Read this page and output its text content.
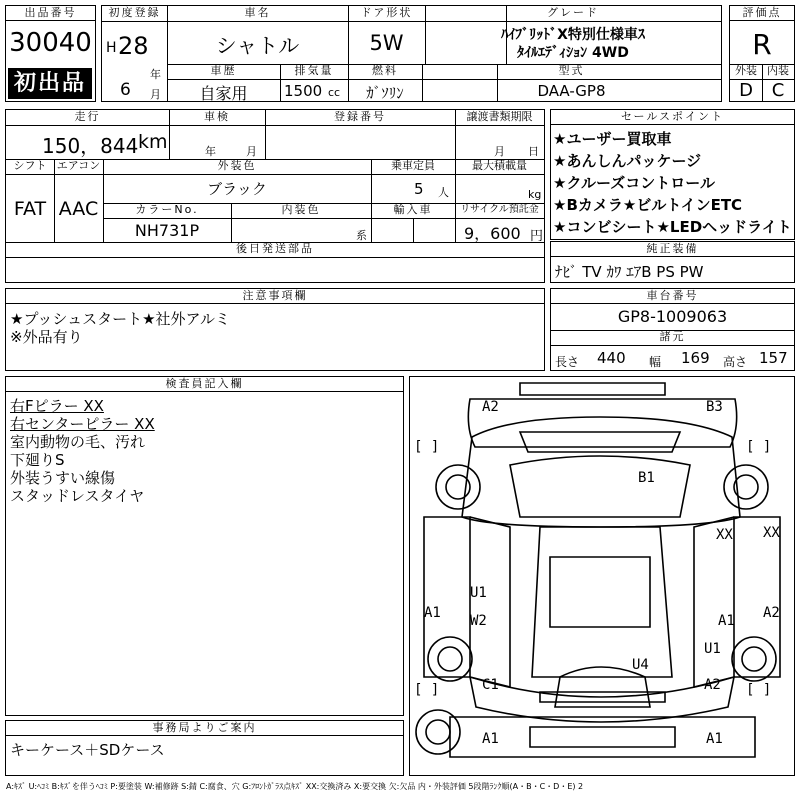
出品番号
30040
初出品
初度登録
H 28
年
6 月
車名
シャトル
ドア形状
5W
グレード
ﾊｲﾌﾞﾘｯﾄﾞX特別仕様車ｽ
ﾀｲﾙｴﾃﾞｨｼｮﾝ 4WD
車歴
自家用
排気量
1500 cc
燃料
ｶﾞｿﾘﾝ
型式
DAA-GP8
評価点
R
外装 内装
D	C
走行
150，844 km
車検
年	月
登録番号	譲渡書類期限
月 日
シフト
FAT
エアコン
AAC
外装色
ブラック
乗車定員
5 人
最大積載量
kg
カラーNo.
NH731P
内装色
系
輸入車	リサイクル預託金
9，600 円
後日発送部品
セールスポイント
★ユーザー買取車
★あんしんパッケージ
★クルーズコントロール
★Bカメラ★ビルトインETC
★コンビシート★LEDヘッドライト
純正装備
ﾅﾋﾞ TV ｶﾜ ｴｱB PS PW
注意事項欄
★プッシュスタート★社外アルミ
※外品有り
車台番号
GP8-1009063
諸元
長さ 440 幅 169 高さ 157
検査員記入欄
右Fピラー XX
右センターピラー XX
室内動物の毛、汚れ
下廻りS
外装うすい線傷
スタッドレスタイヤ
事務局よりご案内
キーケース＋SDケース
A2	B3
[ ]	[ ]
B1
XX XX
U1
W2
A1	A1 A2
U1
U4
C1	A2
[ ]	[ ]
A1	A1
A:ｷｽﾞ U:ﾍｺﾐ B:ｷｽﾞを伴うﾍｺﾐ P:要塗装 W:補修跡 S:錆 C:腐食、穴 G:ﾌﾛﾝﾄｶﾞﾗｽ点ｷｽﾞ XX:交換済み X:要交換 欠:欠品 内・外装評価 5段階ﾗﾝｸ順(A・B・C・D・E) 2
